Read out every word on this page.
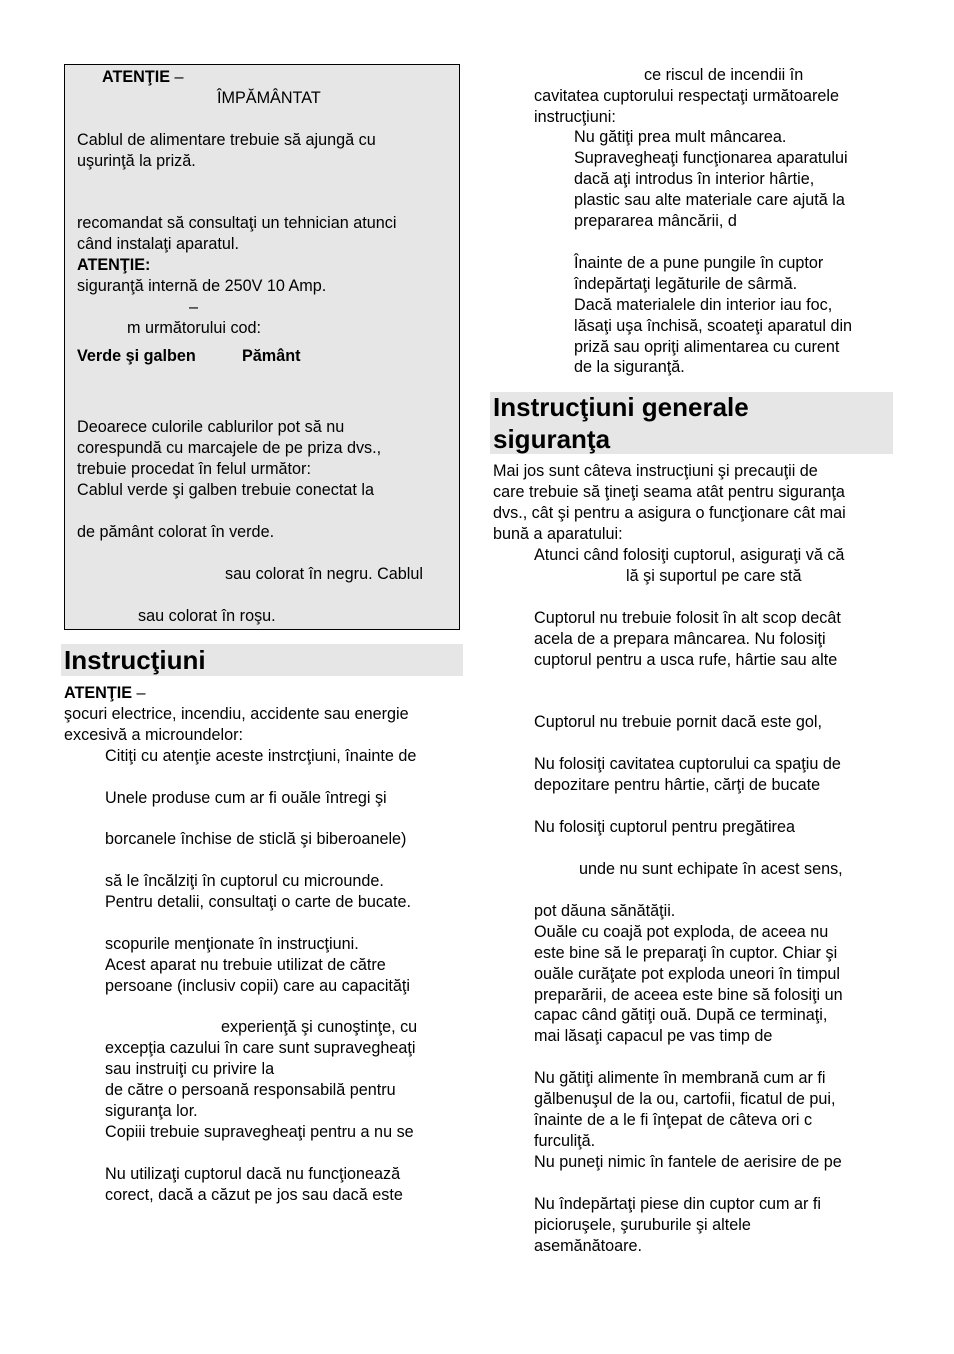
ATENŢIE –
ÎMPĂMÂNTAT
Cablul de alimentare trebuie să ajungă cu
uşurinţă la priză.
recomandat să consultaţi un tehnician atunci
când instalaţi aparatul.
ATENŢIE:
siguranţă internă de 250V 10 Amp.
–
m următorului cod:
Verde şi galben	Pământ
Deoarece culorile cablurilor pot să nu
corespundă cu marcajele de pe priza dvs.,
trebuie procedat în felul următor:
Cablul verde şi galben trebuie conectat la
de pământ colorat în verde.
sau colorat în negru. Cablul
sau colorat în roşu.
Instrucţiuni
ATENŢIE –
şocuri electrice, incendiu, accidente sau energie
excesivă a microundelor:
Citiţi cu atenţie aceste instrcţiuni, înainte de
Unele produse cum ar fi ouăle întregi şi
borcanele închise de sticlă şi biberoanele)
să le încălziţi în cuptorul cu microunde.
Pentru detalii, consultaţi o carte de bucate.
scopurile menţionate în instrucţiuni.
Acest aparat nu trebuie utilizat de către
persoane (inclusiv copii) care au capacităţi
experienţă şi cunoştinţe, cu
excepţia cazului în care sunt supravegheaţi
sau instruiţi cu privire la
de către o persoană responsabilă pentru
siguranţa lor.
Copiii trebuie supravegheaţi pentru a nu se
Nu utilizaţi cuptorul dacă nu funcţionează
corect, dacă a căzut pe jos sau dacă este
ce riscul de incendii în
cavitatea cuptorului respectaţi următoarele
instrucţiuni:
Nu gătiţi prea mult mâncarea.
Supravegheaţi funcţionarea aparatului
dacă aţi introdus în interior hârtie,
plastic sau alte materiale care ajută la
prepararea mâncării, d
Înainte de a pune pungile în cuptor
îndepărtaţi legăturile de sârmă.
Dacă materialele din interior iau foc,
lăsaţi uşa închisă, scoateţi aparatul din
priză sau opriţi alimentarea cu curent
de la siguranţă.
Instrucţiuni generale
siguranţa
Mai jos sunt câteva instrucţiuni şi precauţii de
care trebuie să ţineţi seama atât pentru siguranţa
dvs., cât şi pentru a asigura o funcţionare cât mai
bună a aparatului:
Atunci când folosiţi cuptorul, asiguraţi vă că
lă şi suportul pe care stă
Cuptorul nu trebuie folosit în alt scop decât
acela de a prepara mâncarea. Nu folosiţi
cuptorul pentru a usca rufe, hârtie sau alte
Cuptorul nu trebuie pornit dacă este gol,
Nu folosiţi cavitatea cuptorului ca spaţiu de
depozitare pentru hârtie, cărţi de bucate
Nu folosiţi cuptorul pentru pregătirea
unde nu sunt echipate în acest sens,
pot dăuna sănătăţii.
Ouăle cu coajă pot exploda, de aceea nu
este bine să le preparaţi în cuptor. Chiar şi
ouăle curăţate pot exploda uneori în timpul
preparării, de aceea este bine să folosiţi un
capac când gătiţi ouă. După ce terminaţi,
mai lăsaţi capacul pe vas timp de
Nu gătiţi alimente în membrană cum ar fi
gălbenuşul de la ou, cartofii, ficatul de pui,
înainte de a le fi înţepat de câteva ori c
furculiţă.
Nu puneţi nimic în fantele de aerisire de pe
Nu îndepărtaţi piese din cuptor cum ar fi
picioruşele, şuruburile şi altele
asemănătoare.
